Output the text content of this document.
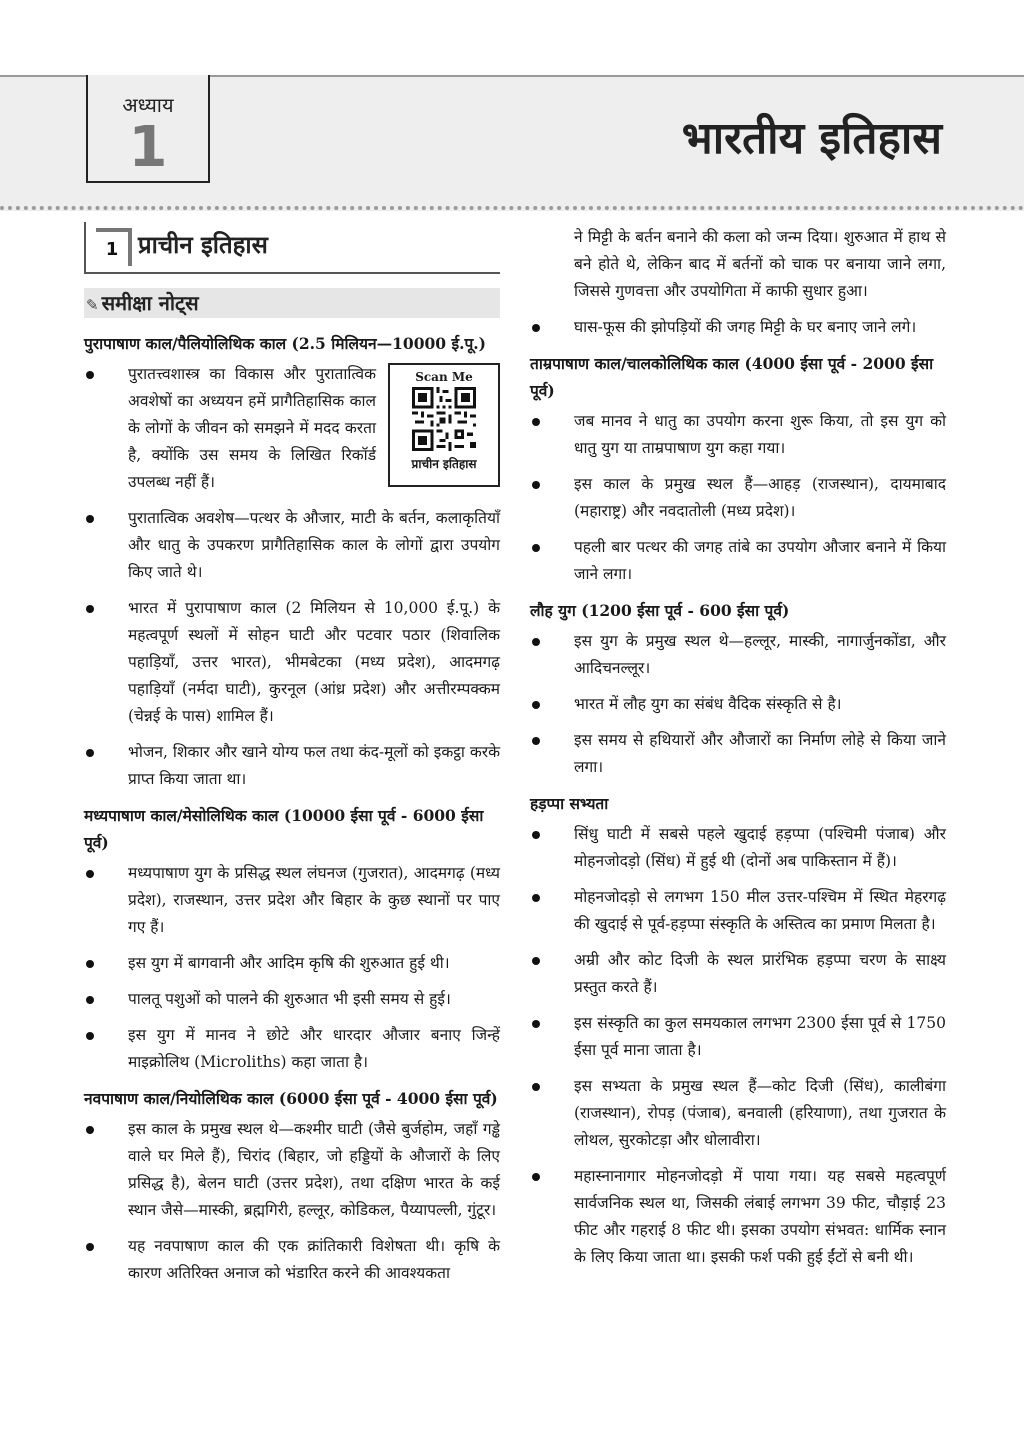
अध्याय
1	भारतीय इतिहास
1 प्राचीन इतिहास
✎ समीक्षा नोट्स
पुरापाषाण काल/पैलियोलिथिक काल (2.5 मिलियन—10000 ई.पू.)
पुरातत्त्वशास्त्र का विकास और पुरातात्विक अवशेषों का अध्ययन हमें प्रागैतिहासिक काल के लोगों के जीवन को समझने में मदद करता है, क्योंकि उस समय के लिखित रिकॉर्ड उपलब्ध नहीं हैं।
Scan Me
प्राचीन इतिहास
पुरातात्विक अवशेष—पत्थर के औजार, माटी के बर्तन, कलाकृतियाँ और धातु के उपकरण प्रागैतिहासिक काल के लोगों द्वारा उपयोग किए जाते थे।
भारत में पुरापाषाण काल (2 मिलियन से 10,000 ई.पू.) के महत्वपूर्ण स्थलों में सोहन घाटी और पटवार पठार (शिवालिक पहाड़ियाँ, उत्तर भारत), भीमबेटका (मध्य प्रदेश), आदमगढ़ पहाड़ियाँ (नर्मदा घाटी), कुरनूल (आंध्र प्रदेश) और अत्तीरम्पक्कम (चेन्नई के पास) शामिल हैं।
भोजन, शिकार और खाने योग्य फल तथा कंद-मूलों को इकट्ठा करके प्राप्त किया जाता था।
मध्यपाषाण काल/मेसोलिथिक काल (10000 ईसा पूर्व - 6000 ईसा पूर्व)
मध्यपाषाण युग के प्रसिद्ध स्थल लंघनज (गुजरात), आदमगढ़ (मध्य प्रदेश), राजस्थान, उत्तर प्रदेश और बिहार के कुछ स्थानों पर पाए गए हैं।
इस युग में बागवानी और आदिम कृषि की शुरुआत हुई थी।
पालतू पशुओं को पालने की शुरुआत भी इसी समय से हुई।
इस युग में मानव ने छोटे और धारदार औजार बनाए जिन्हें माइक्रोलिथ (Microliths) कहा जाता है।
नवपाषाण काल/नियोलिथिक काल (6000 ईसा पूर्व - 4000 ईसा पूर्व)
इस काल के प्रमुख स्थल थे—कश्मीर घाटी (जैसे बुर्जहोम, जहाँ गड्ढे वाले घर मिले हैं), चिरांद (बिहार, जो हड्डियों के औजारों के लिए प्रसिद्ध है), बेलन घाटी (उत्तर प्रदेश), तथा दक्षिण भारत के कई स्थान जैसे—मास्की, ब्रह्मगिरी, हल्लूर, कोडिकल, पैय्यापल्ली, गुंटूर।
यह नवपाषाण काल की एक क्रांतिकारी विशेषता थी। कृषि के कारण अतिरिक्त अनाज को भंडारित करने की आवश्यकता
ने मिट्टी के बर्तन बनाने की कला को जन्म दिया। शुरुआत में हाथ से बने होते थे, लेकिन बाद में बर्तनों को चाक पर बनाया जाने लगा, जिससे गुणवत्ता और उपयोगिता में काफी सुधार हुआ।
घास-फूस की झोपड़ियों की जगह मिट्टी के घर बनाए जाने लगे।
ताम्रपाषाण काल/चालकोलिथिक काल (4000 ईसा पूर्व - 2000 ईसा पूर्व)
जब मानव ने धातु का उपयोग करना शुरू किया, तो इस युग को धातु युग या ताम्रपाषाण युग कहा गया।
इस काल के प्रमुख स्थल हैं—आहड़ (राजस्थान), दायमाबाद (महाराष्ट्र) और नवदातोली (मध्य प्रदेश)।
पहली बार पत्थर की जगह तांबे का उपयोग औजार बनाने में किया जाने लगा।
लौह युग (1200 ईसा पूर्व - 600 ईसा पूर्व)
इस युग के प्रमुख स्थल थे—हल्लूर, मास्की, नागार्जुनकोंडा, और आदिचनल्लूर।
भारत में लौह युग का संबंध वैदिक संस्कृति से है।
इस समय से हथियारों और औजारों का निर्माण लोहे से किया जाने लगा।
हड़प्पा सभ्यता
सिंधु घाटी में सबसे पहले खुदाई हड़प्पा (पश्चिमी पंजाब) और मोहनजोदड़ो (सिंध) में हुई थी (दोनों अब पाकिस्तान में हैं)।
मोहनजोदड़ो से लगभग 150 मील उत्तर-पश्चिम में स्थित मेहरगढ़ की खुदाई से पूर्व-हड़प्पा संस्कृति के अस्तित्व का प्रमाण मिलता है।
अम्री और कोट दिजी के स्थल प्रारंभिक हड़प्पा चरण के साक्ष्य प्रस्तुत करते हैं।
इस संस्कृति का कुल समयकाल लगभग 2300 ईसा पूर्व से 1750 ईसा पूर्व माना जाता है।
इस सभ्यता के प्रमुख स्थल हैं—कोट दिजी (सिंध), कालीबंगा (राजस्थान), रोपड़ (पंजाब), बनवाली (हरियाणा), तथा गुजरात के लोथल, सुरकोटड़ा और धोलावीरा।
महास्नानागार मोहनजोदड़ो में पाया गया। यह सबसे महत्वपूर्ण सार्वजनिक स्थल था, जिसकी लंबाई लगभग 39 फीट, चौड़ाई 23 फीट और गहराई 8 फीट थी। इसका उपयोग संभवत: धार्मिक स्नान के लिए किया जाता था। इसकी फर्श पकी हुई ईंटों से बनी थी।
